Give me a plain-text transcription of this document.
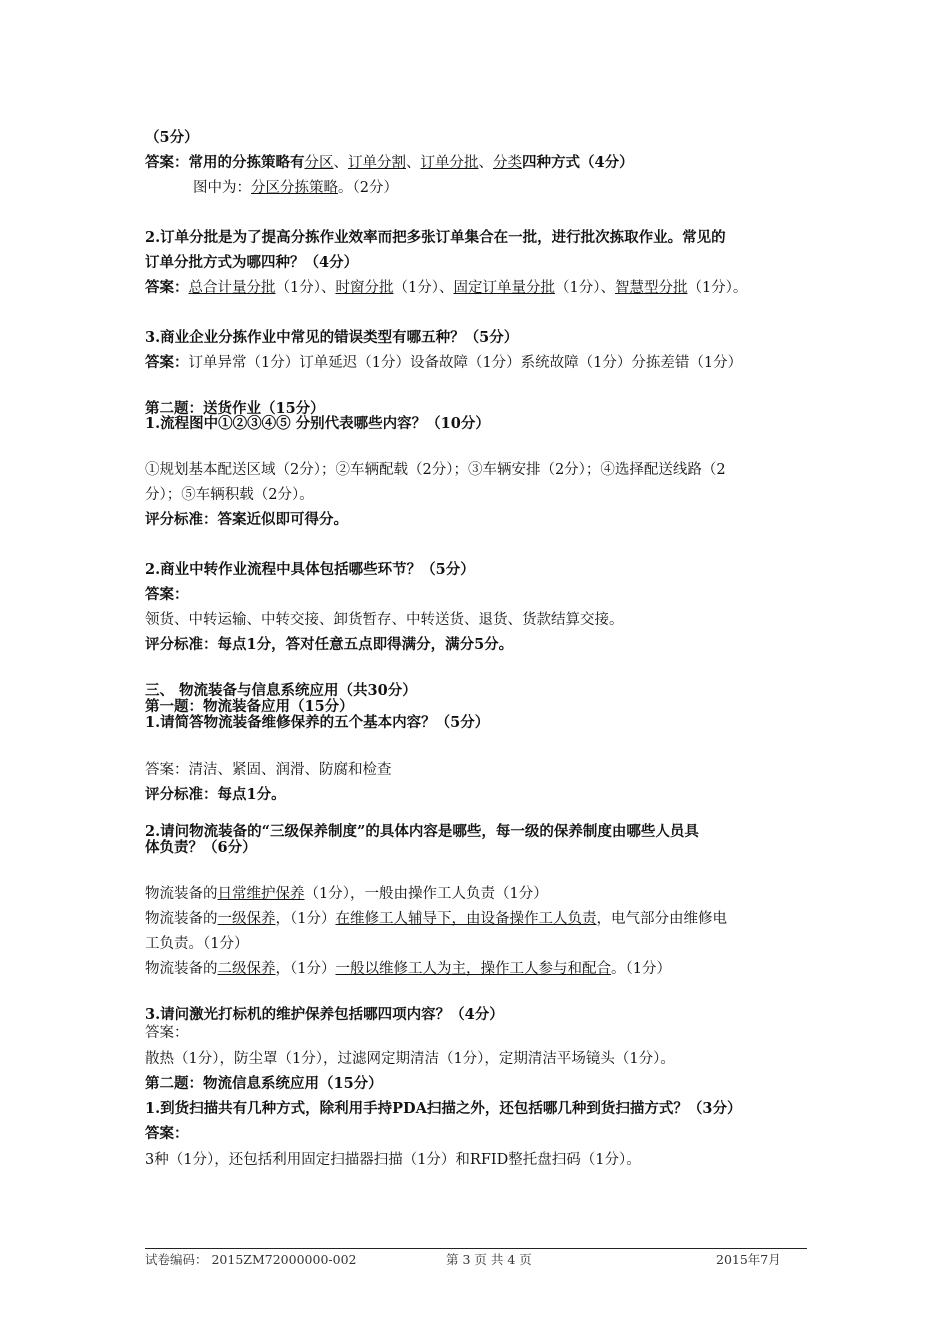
（5分）
答案：常用的分拣策略有分区、订单分割、订单分批、分类四种方式（4分）
图中为：分区分拣策略。（2分）
2.订单分批是为了提高分拣作业效率而把多张订单集合在一批，进行批次拣取作业。常见的
订单分批方式为哪四种？（4分）
答案：总合计量分批（1分）、时窗分批（1分）、固定订单量分批（1分）、智慧型分批（1分）。
3.商业企业分拣作业中常见的错误类型有哪五种？（5分）
答案：订单异常（1分）订单延迟（1分）设备故障（1分）系统故障（1分）分拣差错（1分）
第二题：送货作业（15分）
1.流程图中①②③④⑤ 分别代表哪些内容？（10分）
①规划基本配送区域（2分）；②车辆配载（2分）；③车辆安排（2分）；④选择配送线路（2
分）；⑤车辆积载（2分）。
评分标准：答案近似即可得分。
2.商业中转作业流程中具体包括哪些环节？（5分）
答案：
领货、中转运输、中转交接、卸货暂存、中转送货、退货、货款结算交接。
评分标准：每点1分，答对任意五点即得满分，满分5分。
三、 物流装备与信息系统应用（共30分）
第一题：物流装备应用（15分）
1.请简答物流装备维修保养的五个基本内容？（5分）
答案：清洁、紧固、润滑、防腐和检查
评分标准：每点1分。
2.请问物流装备的“三级保养制度”的具体内容是哪些，每一级的保养制度由哪些人员具
体负责？（6分）
物流装备的日常维护保养（1分），一般由操作工人负责（1分）
物流装备的一级保养，（1分）在维修工人辅导下，由设备操作工人负责，电气部分由维修电
工负责。（1分）
物流装备的二级保养，（1分）一般以维修工人为主，操作工人参与和配合。（1分）
3.请问激光打标机的维护保养包括哪四项内容？（4分）
答案：
散热（1分），防尘罩（1分），过滤网定期清洁（1分），定期清洁平场镜头（1分）。
第二题：物流信息系统应用（15分）
1.到货扫描共有几种方式，除利用手持PDA扫描之外，还包括哪几种到货扫描方式？（3分）
答案：
3种（1分），还包括利用固定扫描器扫描（1分）和RFID整托盘扫码（1分）。
试卷编码： 2015ZM72000000-002	第 3 页 共 4 页	2015年7月
